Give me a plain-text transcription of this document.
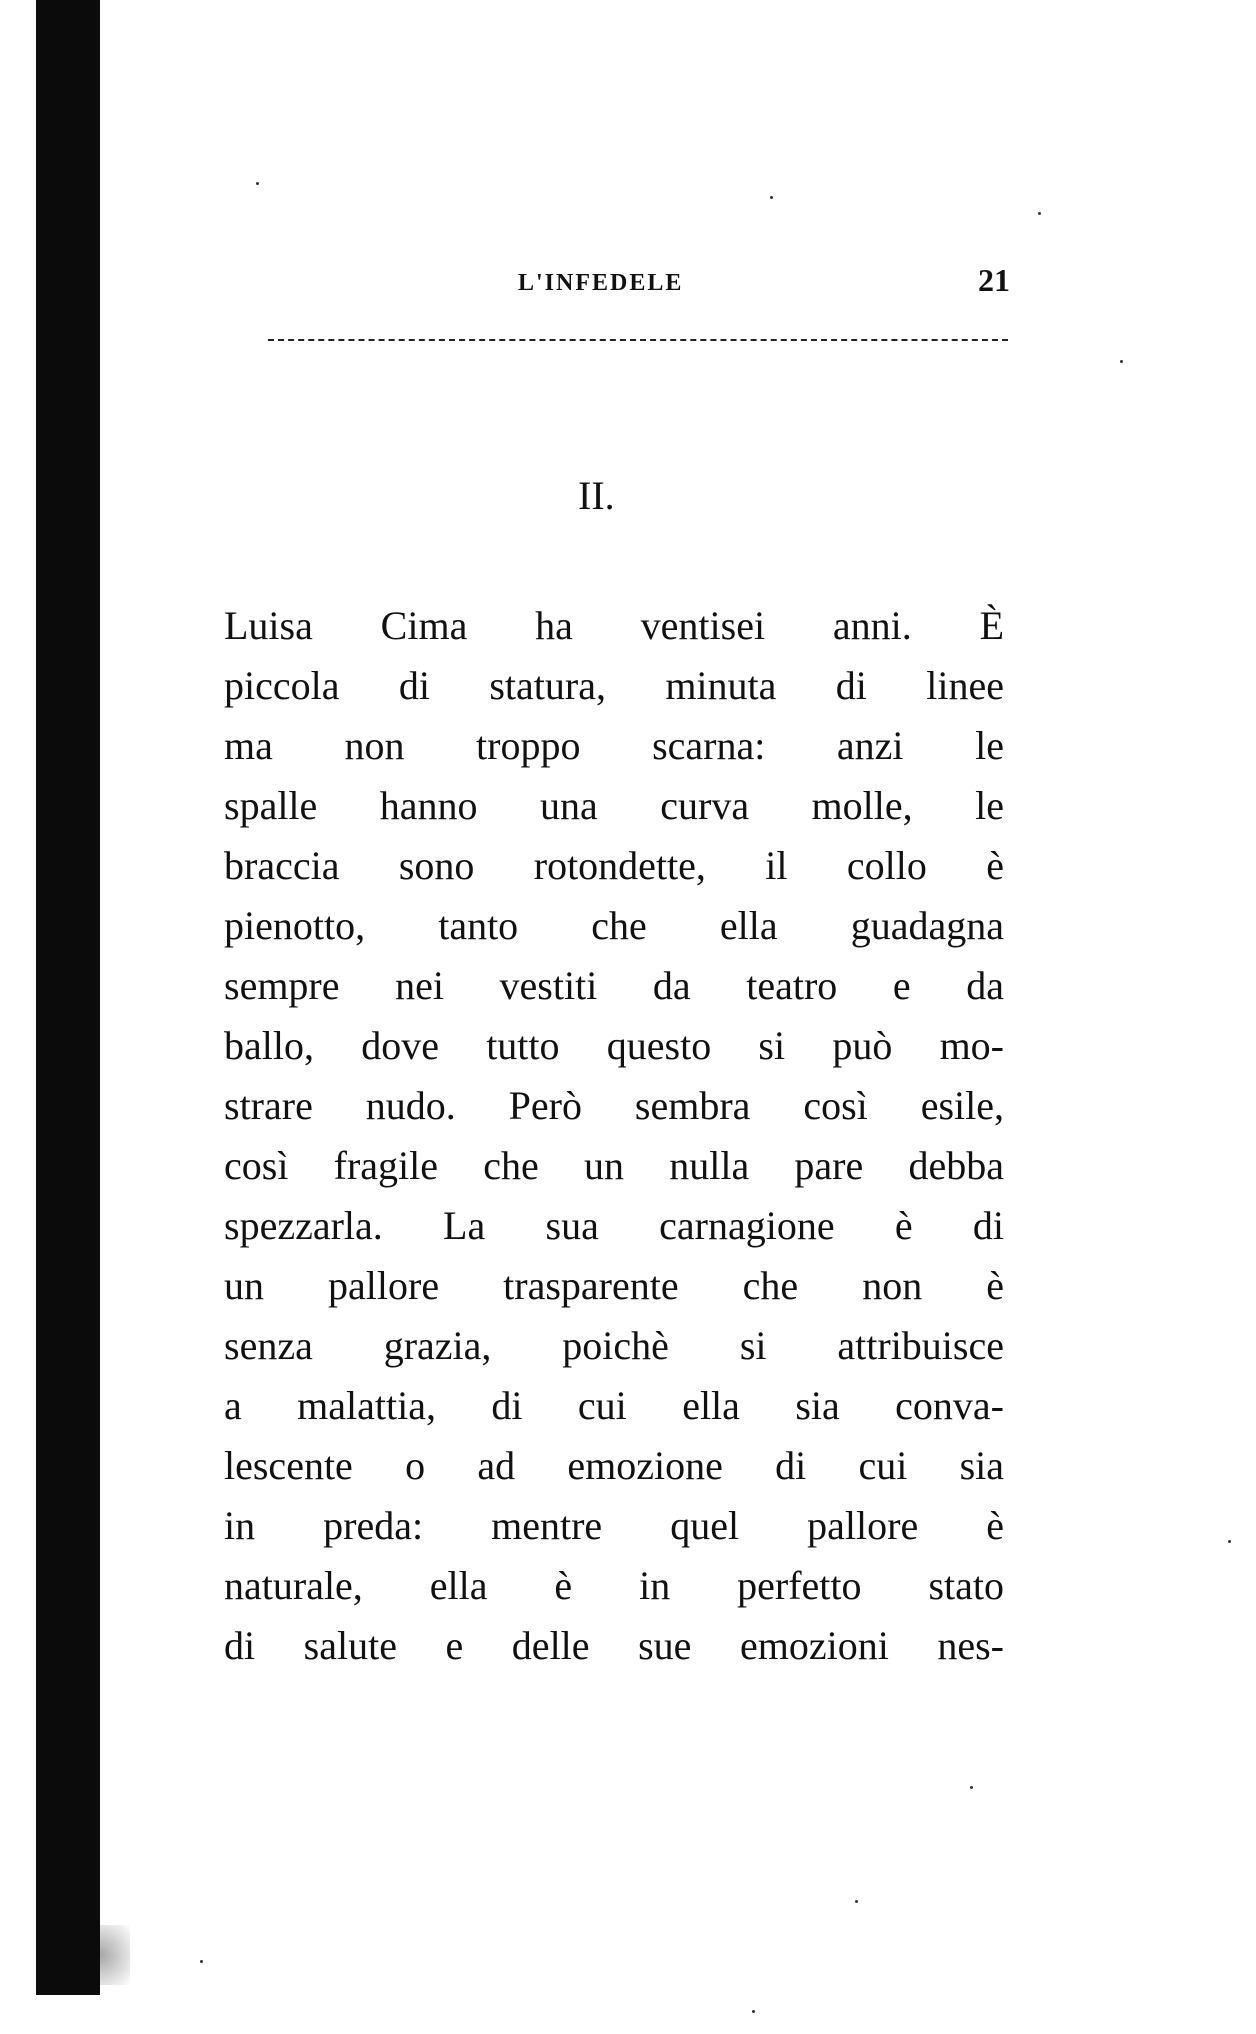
L'INFEDELE	21
II.
Luisa Cima ha ventisei anni. È
piccola di statura, minuta di linee
ma non troppo scarna: anzi le
spalle hanno una curva molle, le
braccia sono rotondette, il collo è
pienotto, tanto che ella guadagna
sempre nei vestiti da teatro e da
ballo, dove tutto questo si può mo-
strare nudo. Però sembra così esile,
così fragile che un nulla pare debba
spezzarla. La sua carnagione è di
un pallore trasparente che non è
senza grazia, poichè si attribuisce
a malattia, di cui ella sia conva-
lescente o ad emozione di cui sia
in preda: mentre quel pallore è
naturale, ella è in perfetto stato
di salute e delle sue emozioni nes-
